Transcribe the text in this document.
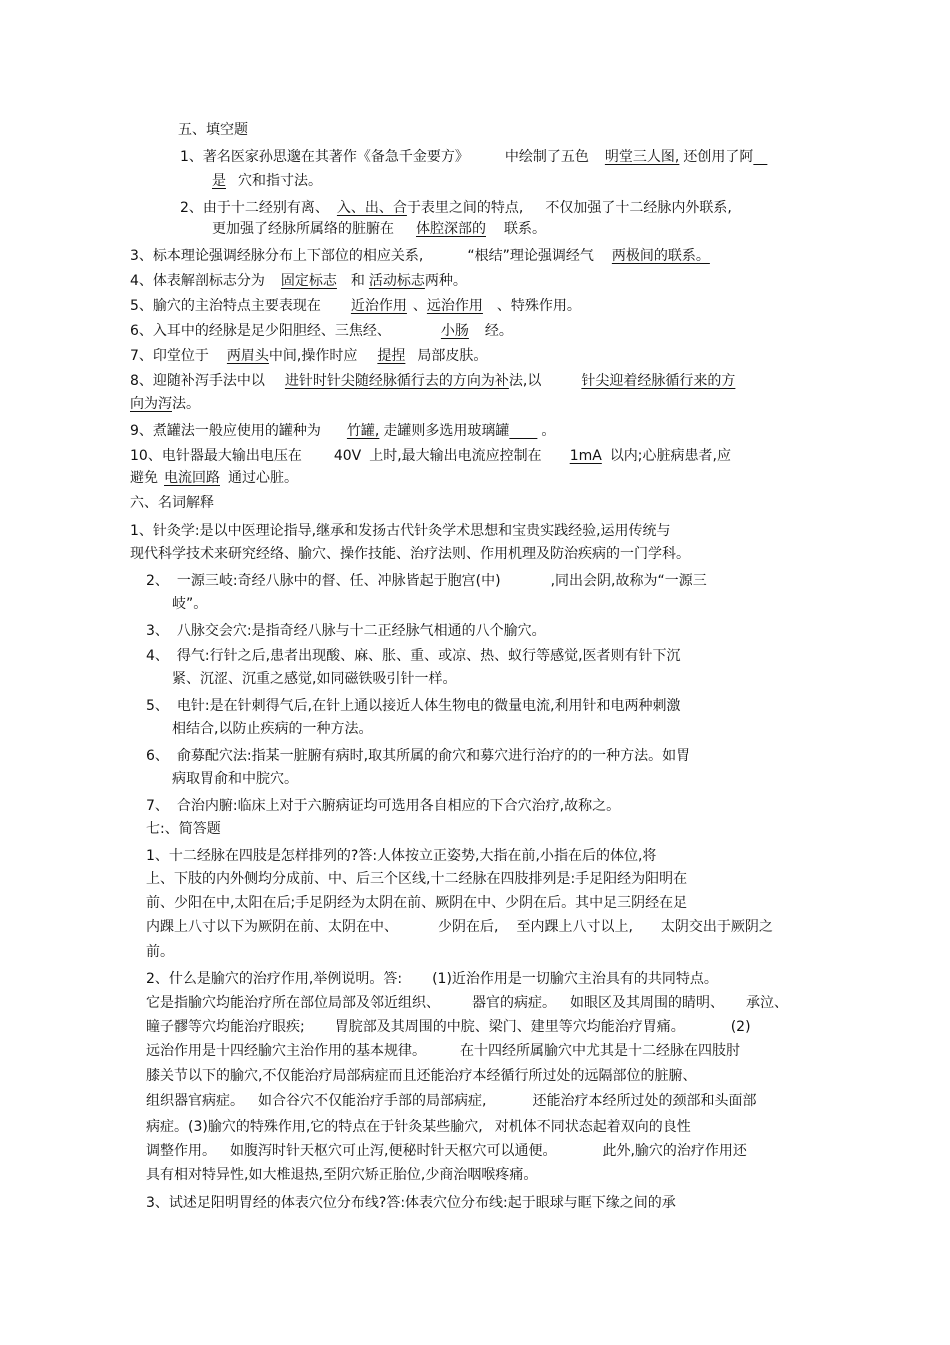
五、填空题
1、著名医家孙思邈在其著作《备急千金要方》	中绘制了五色 明堂三人图, 还创用了阿　
是 穴和指寸法。
2、由于十二经别有离、 入、出、合于表里之间的特点, 不仅加强了十二经脉内外联系,
更加强了经脉所属络的脏腑在 体腔深部的 联系。
3、标本理论强调经脉分布上下部位的相应关系,	“根结”理论强调经气 两极间的联系。
4、体表解剖标志分为 固定标志 和 活动标志两种。
5、腧穴的主治特点主要表现在 近治作用 、远治作用 、特殊作用。
6、入耳中的经脉是足少阳胆经、三焦经、	小肠 经。
7、印堂位于 两眉头中间,操作时应 提捏 局部皮肤。
8、迎随补泻手法中以 进针时针尖随经脉循行去的方向为补法,以	针尖迎着经脉循行来的方
向为泻法。
9、煮罐法一般应使用的罐种为 竹罐, 走罐则多选用玻璃罐　　 。
10、电针器最大输出电压在 40V 上时,最大输出电流应控制在 1mA 以内;心脏病患者,应
避免 电流回路 通过心脏。
六、名词解释
1、针灸学:是以中医理论指导,继承和发扬古代针灸学术思想和宝贵实践经验,运用传统与
现代科学技术来研究经络、腧穴、操作技能、治疗法则、作用机理及防治疾病的一门学科。
2、 一源三岐:奇经八脉中的督、任、冲脉皆起于胞宫(中)	,同出会阴,故称为“一源三
岐”。
3、 八脉交会穴:是指奇经八脉与十二正经脉气相通的八个腧穴。
4、 得气:行针之后,患者出现酸、麻、胀、重、或凉、热、蚁行等感觉,医者则有针下沉
紧、沉涩、沉重之感觉,如同磁铁吸引针一样。
5、 电针:是在针刺得气后,在针上通以接近人体生物电的微量电流,利用针和电两种刺激
相结合,以防止疾病的一种方法。
6、 俞募配穴法:指某一脏腑有病时,取其所属的俞穴和募穴进行治疗的的一种方法。如胃
病取胃俞和中脘穴。
7、 合治内腑:临床上对于六腑病证均可选用各自相应的下合穴治疗,故称之。
七:、简答题
1、十二经脉在四肢是怎样排列的?答:人体按立正姿势,大指在前,小指在后的体位,将
上、下肢的内外侧均分成前、中、后三个区线,十二经脉在四肢排列是:手足阳经为阳明在
前、少阳在中,太阳在后;手足阴经为太阴在前、厥阴在中、少阴在后。其中足三阴经在足
内踝上八寸以下为厥阴在前、太阴在中、	少阴在后, 至内踝上八寸以上, 太阴交出于厥阴之
前。
2、什么是腧穴的治疗作用,举例说明。答: (1)近治作用是一切腧穴主治具有的共同特点。
它是指腧穴均能治疗所在部位局部及邻近组织、 器官的病症。 如眼区及其周围的睛明、 承泣、
瞳子髎等穴均能治疗眼疾; 胃脘部及其周围的中脘、梁门、建里等穴均能治疗胃痛。	(2)
远治作用是十四经腧穴主治作用的基本规律。 在十四经所属腧穴中尤其是十二经脉在四肢肘
膝关节以下的腧穴,不仅能治疗局部病症而且还能治疗本经循行所过处的远隔部位的脏腑、
组织器官病症。 如合谷穴不仅能治疗手部的局部病症,	还能治疗本经所过处的颈部和头面部
病症。(3)腧穴的特殊作用,它的特点在于针灸某些腧穴, 对机体不同状态起着双向的良性
调整作用。 如腹泻时针天枢穴可止泻,便秘时针天枢穴可以通便。	此外,腧穴的治疗作用还
具有相对特异性,如大椎退热,至阴穴矫正胎位,少商治咽喉疼痛。
3、试述足阳明胃经的体表穴位分布线?答:体表穴位分布线:起于眼球与眶下缘之间的承
